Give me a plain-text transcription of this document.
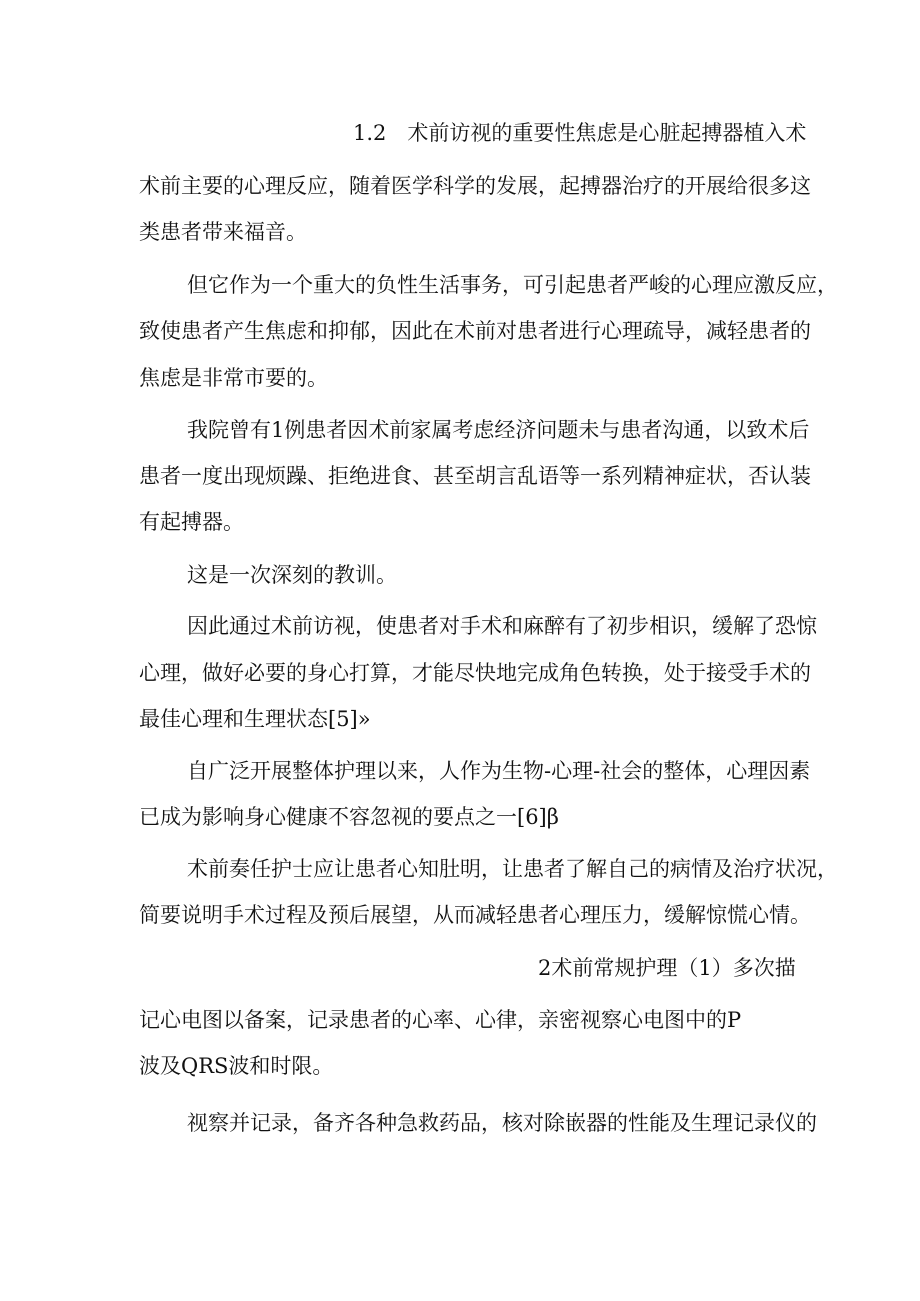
1.2　术前访视的重要性焦虑是心脏起搏器植入术
术前主要的心理反应，随着医学科学的发展，起搏器治疗的开展给很多这
类患者带来福音。
但它作为一个重大的负性生活事务，可引起患者严峻的心理应激反应，
致使患者产生焦虑和抑郁，因此在术前对患者进行心理疏导，减轻患者的
焦虑是非常市要的。
我院曾有1例患者因术前家属考虑经济问题未与患者沟通，以致术后
患者一度出现烦躁、拒绝进食、甚至胡言乱语等一系列精神症状，否认装
有起搏器。
这是一次深刻的教训。
因此通过术前访视，使患者对手术和麻醉有了初步相识，缓解了恐惊
心理，做好必要的身心打算，才能尽快地完成角色转换，处于接受手术的
最佳心理和生理状态[5]»
自广泛开展整体护理以来，人作为生物-心理-社会的整体，心理因素
已成为影响身心健康不容忽视的要点之一[6]β
术前奏任护士应让患者心知肚明，让患者了解自己的病情及治疗状况，
简要说明手术过程及预后展望，从而减轻患者心理压力，缓解惊慌心情。
2术前常规护理（1）多次描
记心电图以备案，记录患者的心率、心律，亲密视察心电图中的P
波及QRS波和时限。
视察并记录，备齐各种急救药品，核对除嵌器的性能及生理记录仪的
